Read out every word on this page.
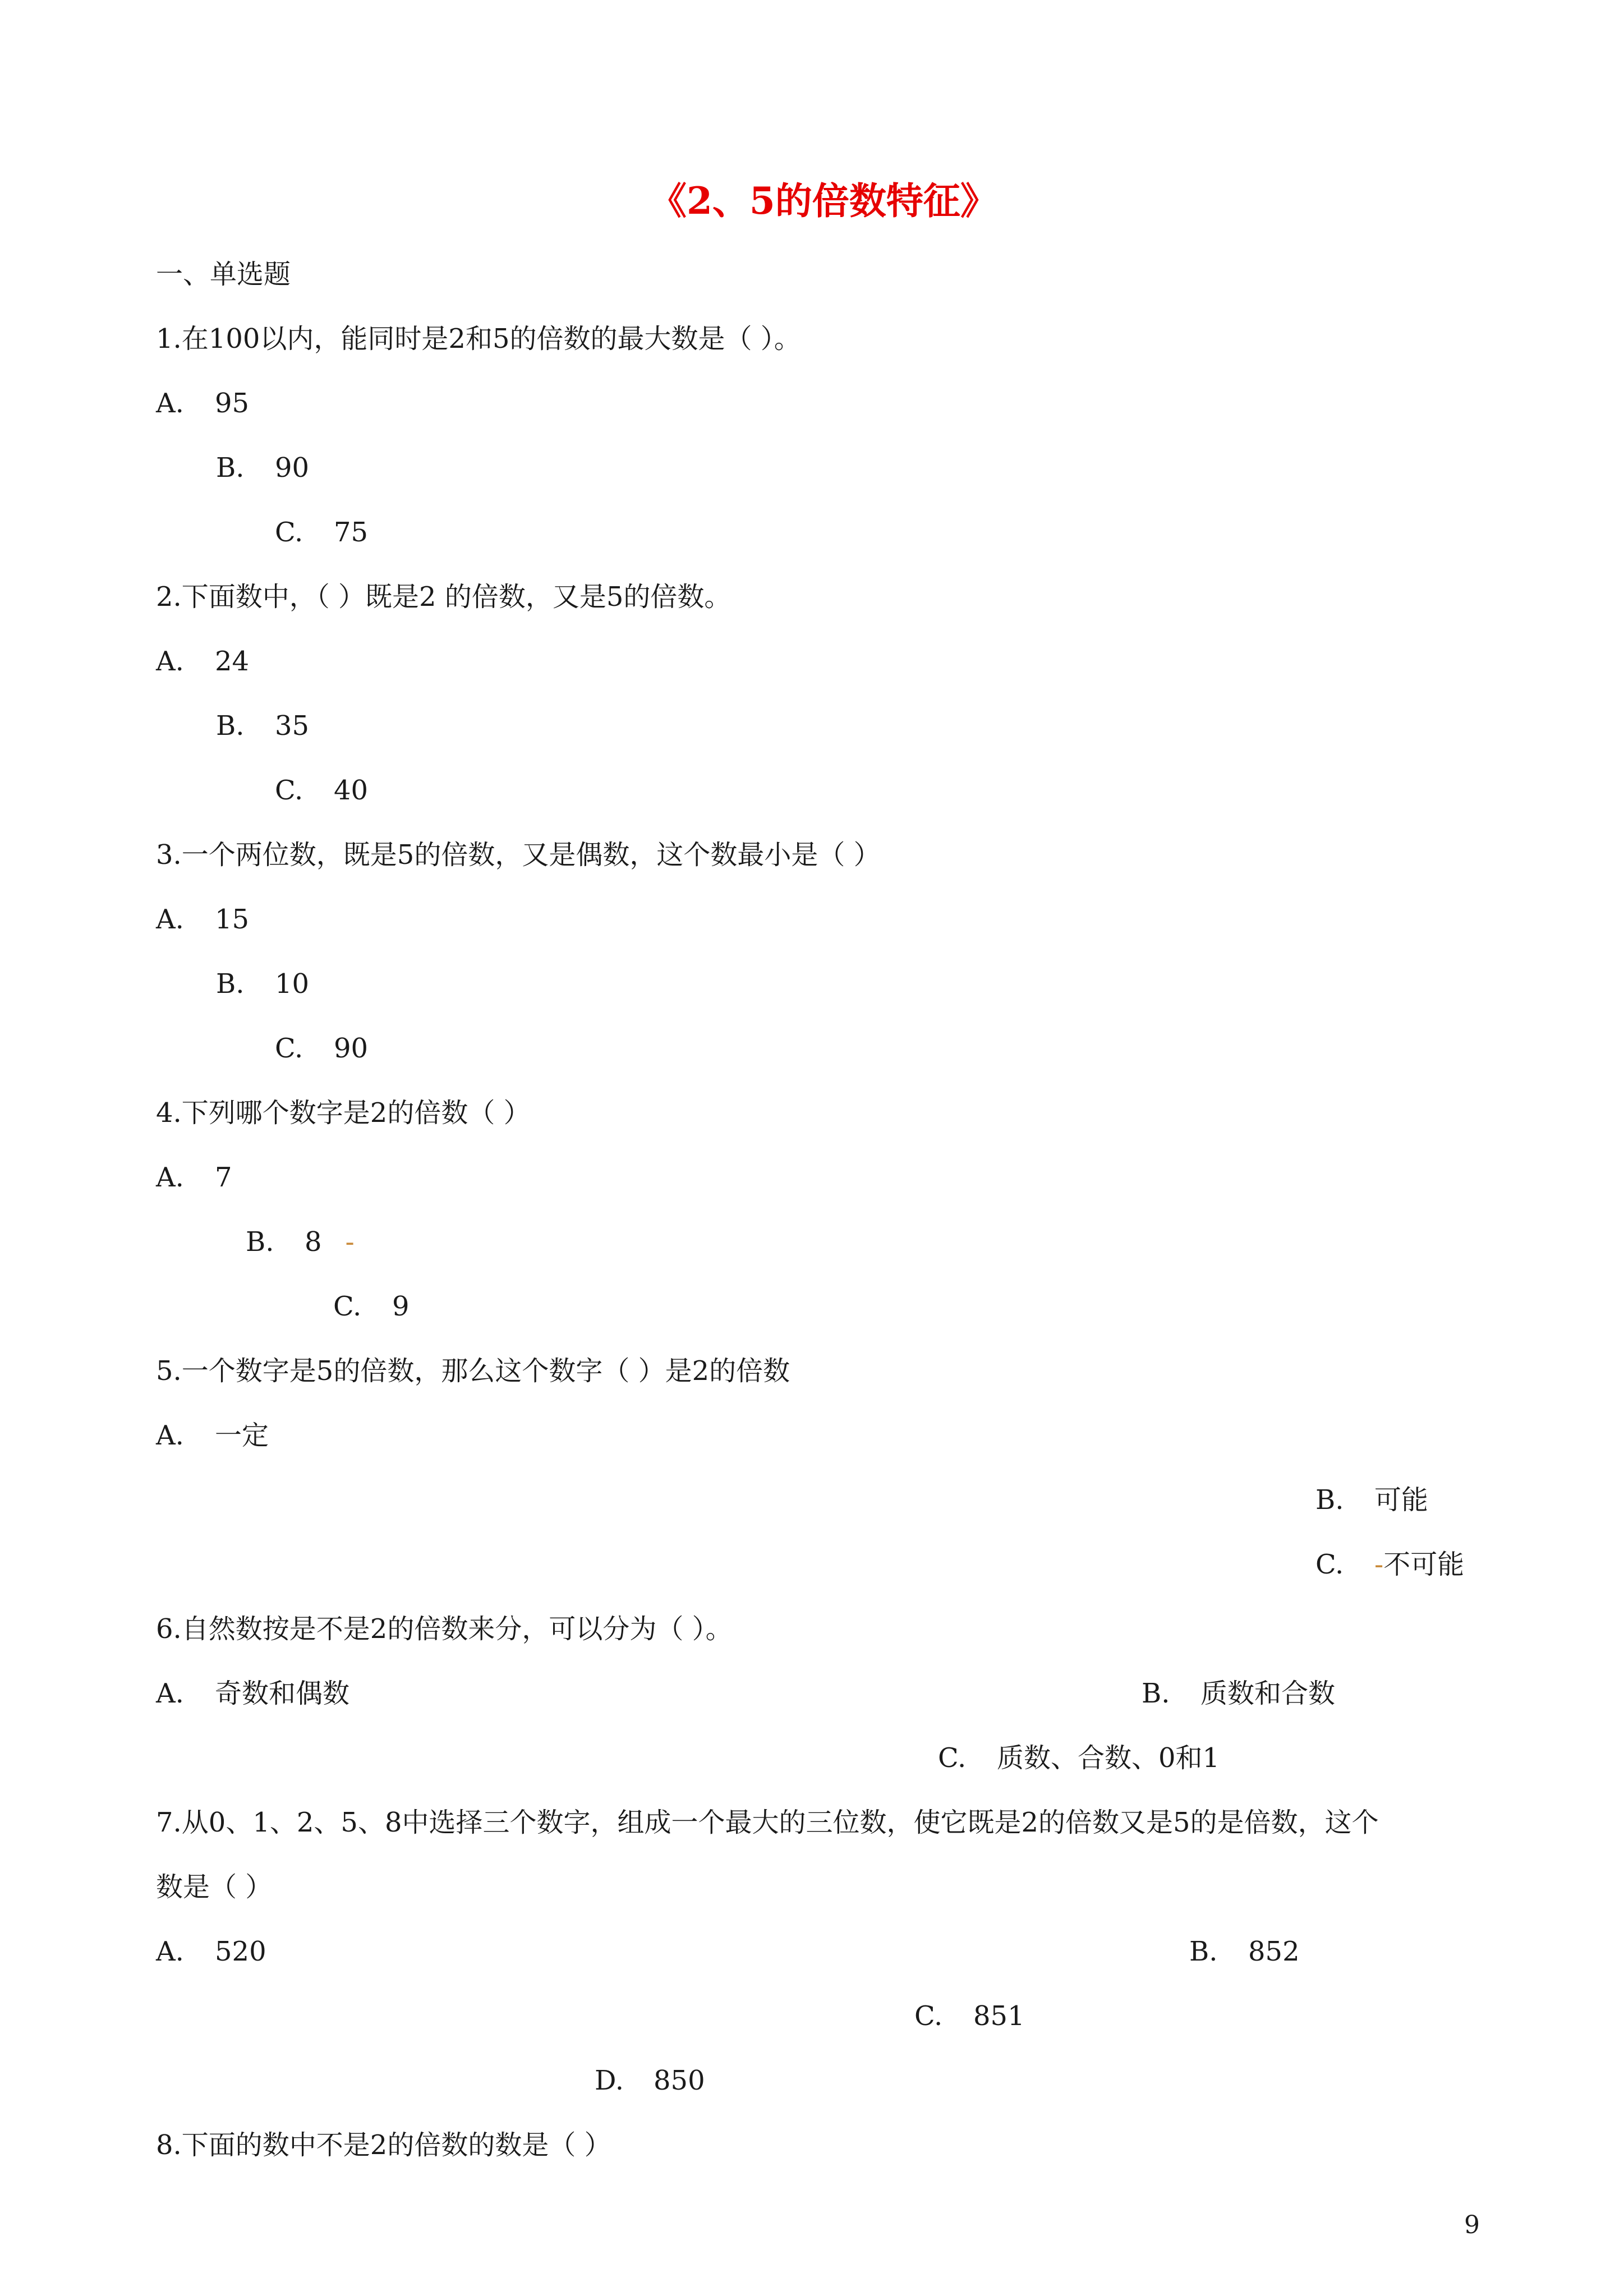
《2、5的倍数特征》
一、单选题
1.在100以内，能同时是2和5的倍数的最大数是（ ）。
A. 95
B. 90
C. 75
2.下面数中，（ ）既是2 的倍数，又是5的倍数。
A. 24
B. 35
C. 40
3.一个两位数，既是5的倍数，又是偶数，这个数最小是（ ）
A. 15
B. 10
C. 90
4.下列哪个数字是2的倍数（ ）
A. 7
B. 8 -
C. 9
5.一个数字是5的倍数，那么这个数字（ ）是2的倍数
A. 一定
B. 可能
C. -不可能
6.自然数按是不是2的倍数来分，可以分为（ ）。
A. 奇数和偶数	B. 质数和合数
C. 质数、合数、0和1
7.从0、1、2、5、8中选择三个数字，组成一个最大的三位数，使它既是2的倍数又是5的是倍数，这个
数是（ ）
A. 520	B. 852
C. 851
D. 850
8.下面的数中不是2的倍数的数是（ ）
9
